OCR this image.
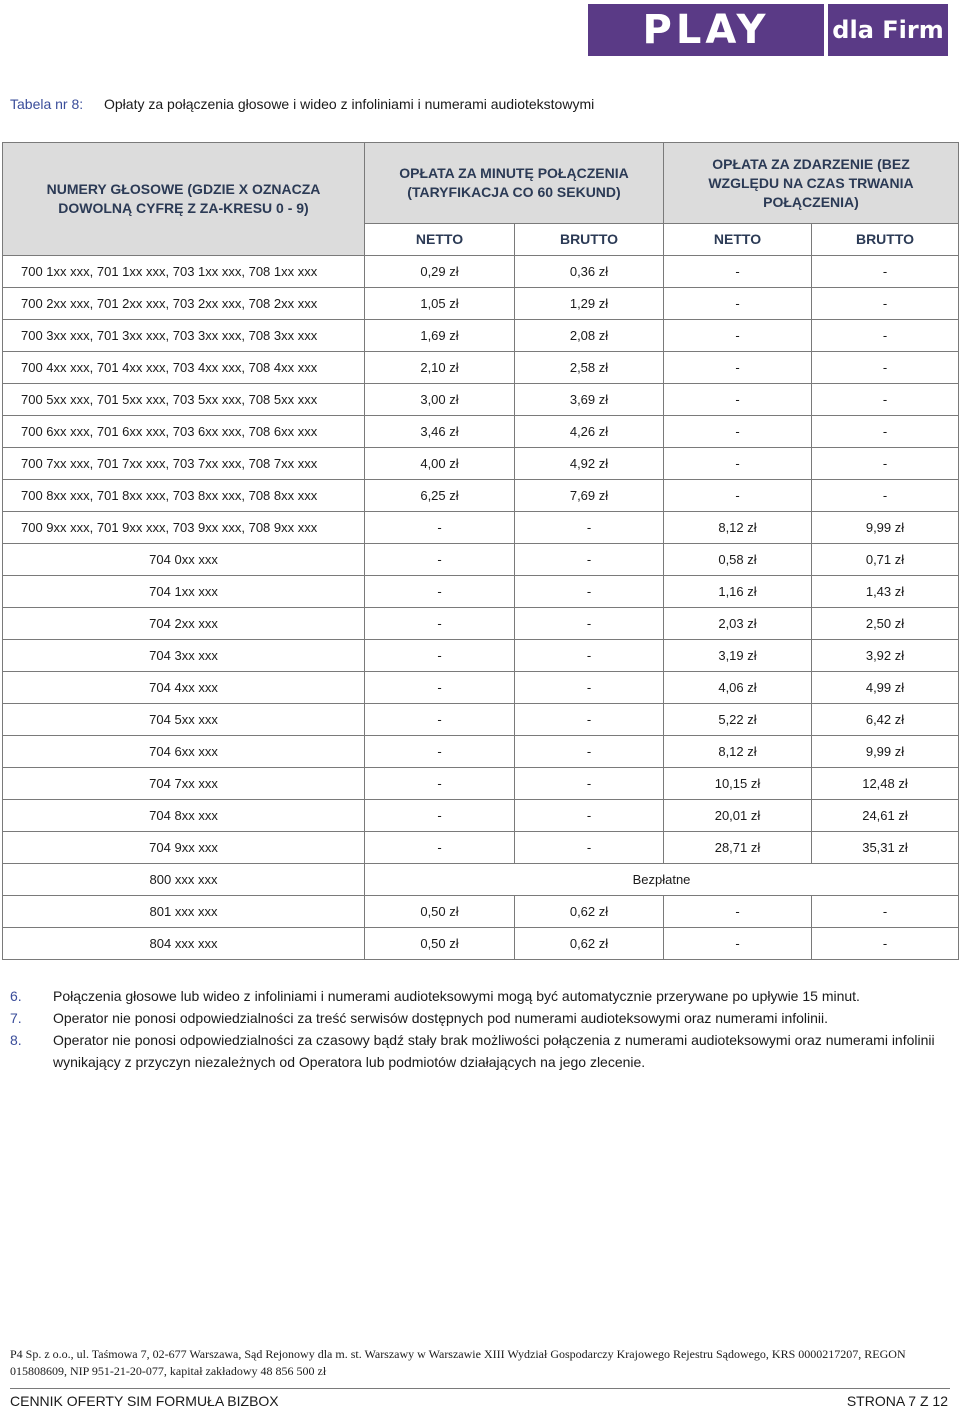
PLAY	dla Firm
Tabela nr 8:	Opłaty za połączenia głosowe i wideo z infoliniami i numerami audiotekstowymi
NUMERY GŁOSOWE (GDZIE X OZNACZA DOWOLNĄ CYFRĘ Z ZA-KRESU 0 - 9)	OPŁATA ZA MINUTĘ POŁĄCZENIA (TARYFIKACJA CO 60 SEKUND)		OPŁATA ZA ZDARZENIE (BEZ WZGLĘDU NA CZAS TRWANIA POŁĄCZENIA)	
	NETTO	BRUTTO	NETTO	BRUTTO
700 1xx xxx, 701 1xx xxx, 703 1xx xxx, 708 1xx xxx	0,29 zł	0,36 zł	-	-
700 2xx xxx, 701 2xx xxx, 703 2xx xxx, 708 2xx xxx	1,05 zł	1,29 zł	-	-
700 3xx xxx, 701 3xx xxx, 703 3xx xxx, 708 3xx xxx	1,69 zł	2,08 zł	-	-
700 4xx xxx, 701 4xx xxx, 703 4xx xxx, 708 4xx xxx	2,10 zł	2,58 zł	-	-
700 5xx xxx, 701 5xx xxx, 703 5xx xxx, 708 5xx xxx	3,00 zł	3,69 zł	-	-
700 6xx xxx, 701 6xx xxx, 703 6xx xxx, 708 6xx xxx	3,46 zł	4,26 zł	-	-
700 7xx xxx, 701 7xx xxx, 703 7xx xxx, 708 7xx xxx	4,00 zł	4,92 zł	-	-
700 8xx xxx, 701 8xx xxx, 703 8xx xxx, 708 8xx xxx	6,25 zł	7,69 zł	-	-
700 9xx xxx, 701 9xx xxx, 703 9xx xxx, 708 9xx xxx	-	-	8,12 zł	9,99 zł
704 0xx xxx	-	-	0,58 zł	0,71 zł
704 1xx xxx	-	-	1,16 zł	1,43 zł
704 2xx xxx	-	-	2,03 zł	2,50 zł
704 3xx xxx	-	-	3,19 zł	3,92 zł
704 4xx xxx	-	-	4,06 zł	4,99 zł
704 5xx xxx	-	-	5,22 zł	6,42 zł
704 6xx xxx	-	-	8,12 zł	9,99 zł
704 7xx xxx	-	-	10,15 zł	12,48 zł
704 8xx xxx	-	-	20,01 zł	24,61 zł
704 9xx xxx	-	-	28,71 zł	35,31 zł
800 xxx xxx	Bezpłatne			
801 xxx xxx	0,50 zł	0,62 zł	-	-
804 xxx xxx	0,50 zł	0,62 zł	-	-
6.	Połączenia głosowe lub wideo z infoliniami i numerami audioteksowymi mogą być automatycznie przerywane po upływie 15 minut.
7.	Operator nie ponosi odpowiedzialności za treść serwisów dostępnych pod numerami audioteksowymi oraz numerami infolinii.
8.	Operator nie ponosi odpowiedzialności za czasowy bądź stały brak możliwości połączenia z numerami audioteksowymi oraz numerami infolinii wynikający z przyczyn niezależnych od Operatora lub podmiotów działających na jego zlecenie.
P4 Sp. z o.o., ul. Taśmowa 7, 02-677 Warszawa, Sąd Rejonowy dla m. st. Warszawy w Warszawie XIII Wydział Gospodarczy Krajowego Rejestru Sądowego, KRS 0000217207, REGON 015808609, NIP 951-21-20-077, kapitał zakładowy 48 856 500 zł
CENNIK OFERTY SIM FORMUŁA BIZBOX	STRONA 7 Z 12
